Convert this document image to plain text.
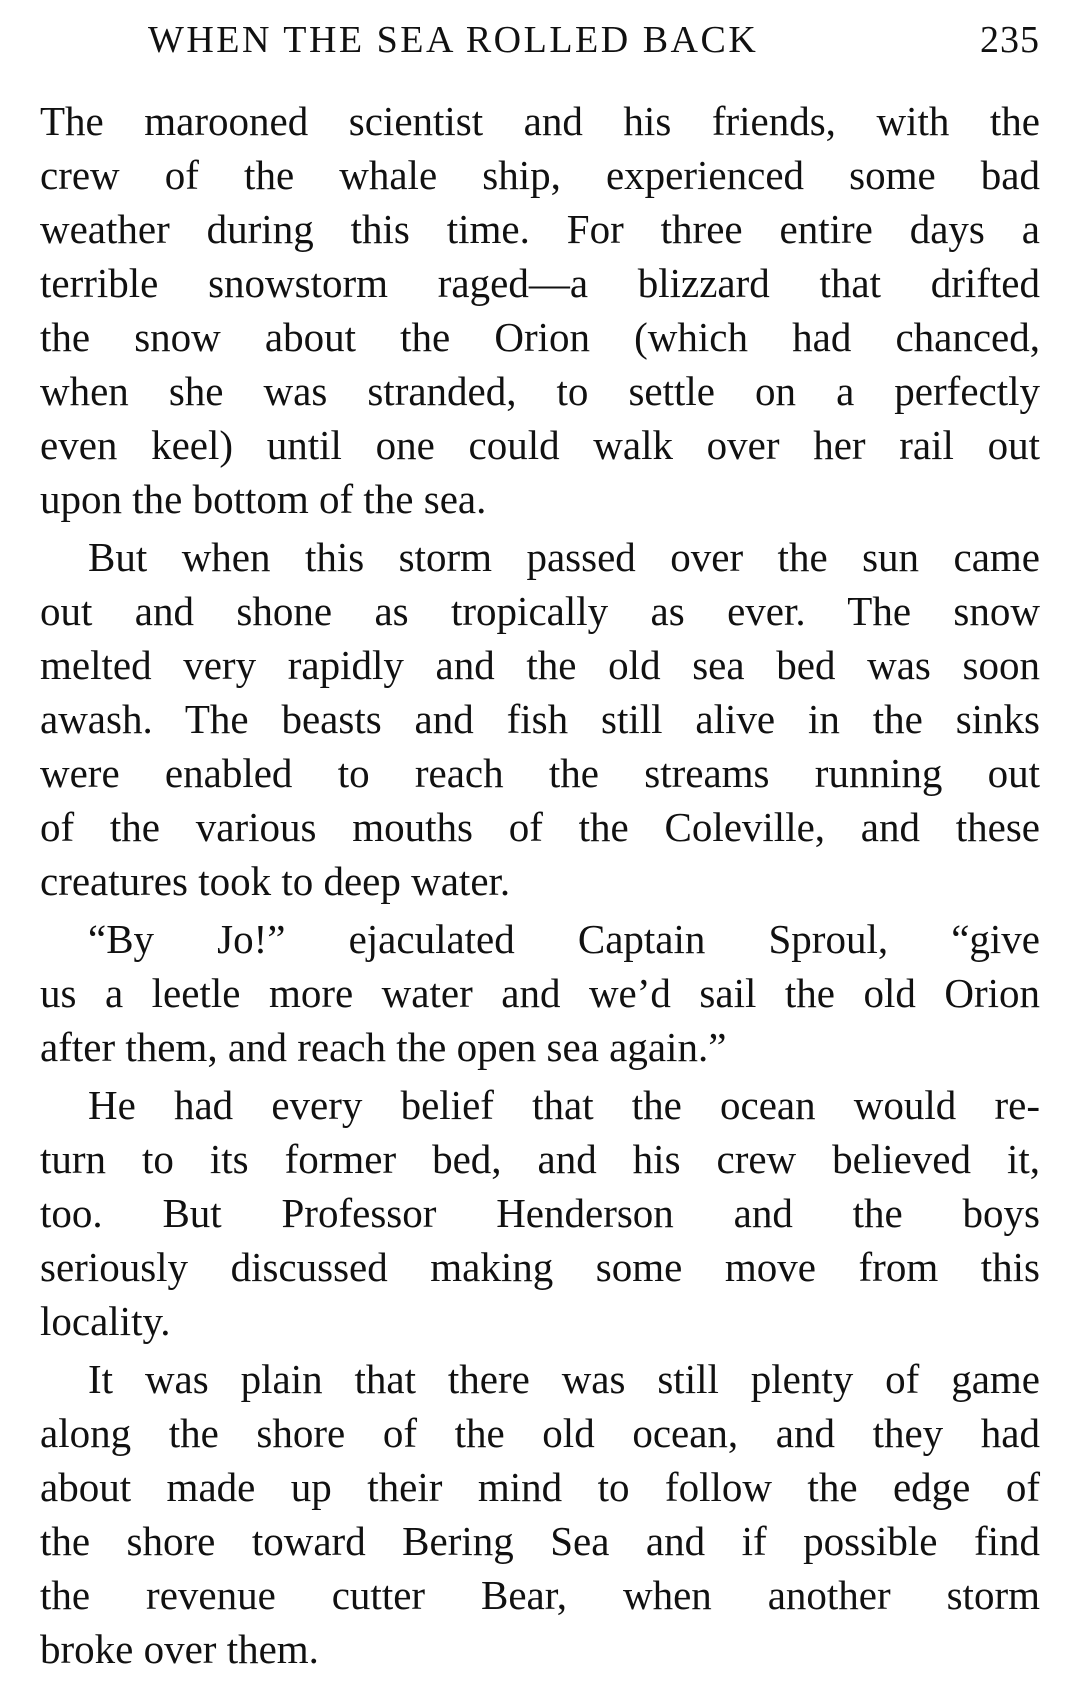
WHEN THE SEA ROLLED BACK	235
The marooned scientist and his friends, with the
crew of the whale ship, experienced some bad
weather during this time. For three entire days a
terrible snowstorm raged—a blizzard that drifted
the snow about the Orion (which had chanced,
when she was stranded, to settle on a perfectly
even keel) until one could walk over her rail out
upon the bottom of the sea.
But when this storm passed over the sun came
out and shone as tropically as ever. The snow
melted very rapidly and the old sea bed was soon
awash. The beasts and fish still alive in the sinks
were enabled to reach the streams running out
of the various mouths of the Coleville, and these
creatures took to deep water.
“By Jo!” ejaculated Captain Sproul, “give
us a leetle more water and we’d sail the old Orion
after them, and reach the open sea again.”
He had every belief that the ocean would re-
turn to its former bed, and his crew believed it,
too. But Professor Henderson and the boys
seriously discussed making some move from this
locality.
It was plain that there was still plenty of game
along the shore of the old ocean, and they had
about made up their mind to follow the edge of
the shore toward Bering Sea and if possible find
the revenue cutter Bear, when another storm
broke over them.
